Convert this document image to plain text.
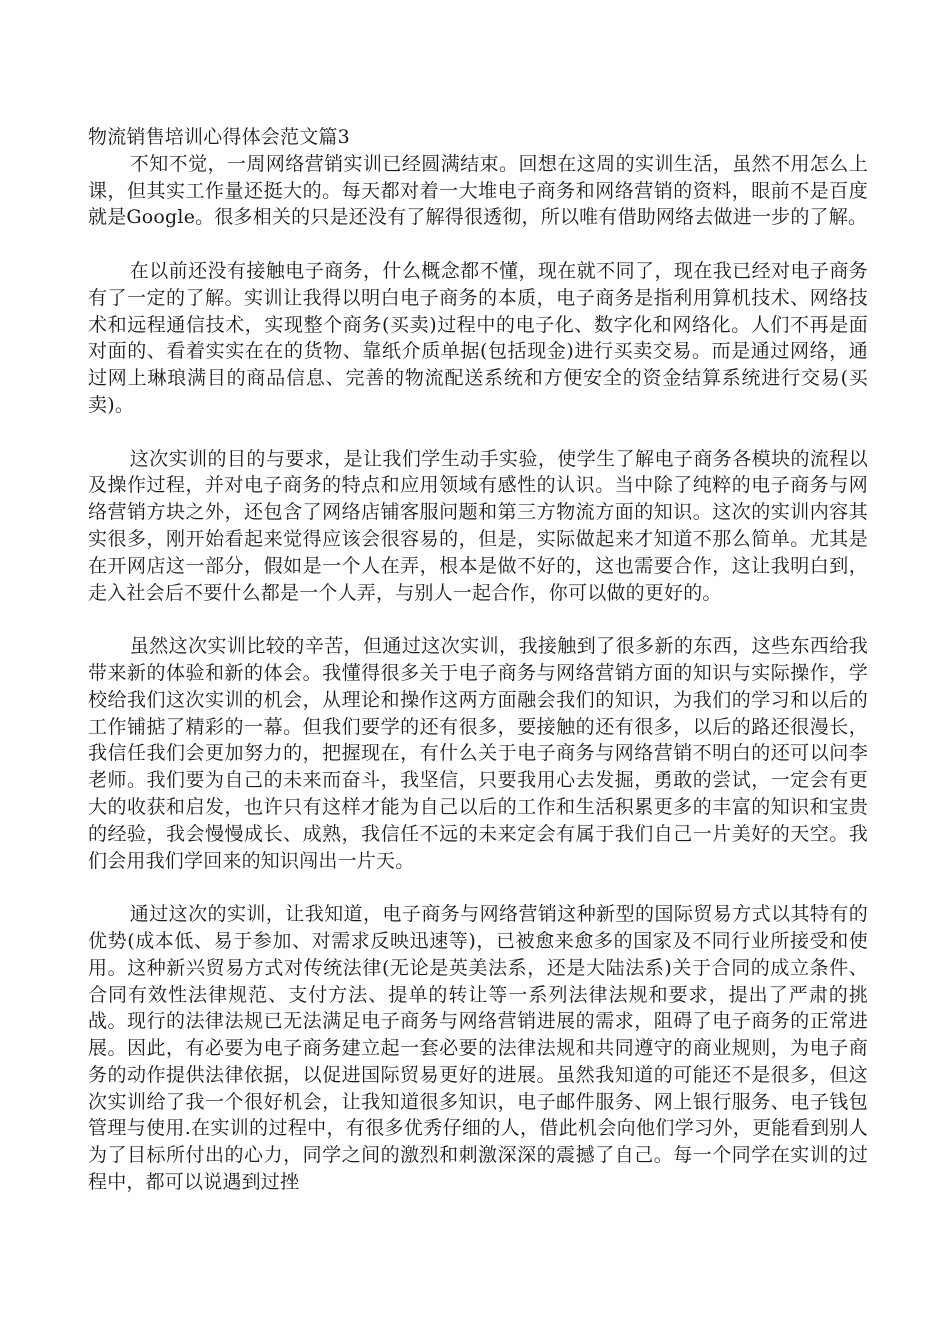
物流销售培训心得体会范文篇3

不知不觉，一周网络营销实训已经圆满结束。回想在这周的实训生活，虽然不用怎么上课，但其实工作量还挺大的。每天都对着一大堆电子商务和网络营销的资料，眼前不是百度就是Google。很多相关的只是还没有了解得很透彻，所以唯有借助网络去做进一步的了解。

在以前还没有接触电子商务，什么概念都不懂，现在就不同了，现在我已经对电子商务有了一定的了解。实训让我得以明白电子商务的本质，电子商务是指利用算机技术、网络技术和远程通信技术，实现整个商务(买卖)过程中的电子化、数字化和网络化。人们不再是面对面的、看着实实在在的货物、靠纸介质单据(包括现金)进行买卖交易。而是通过网络，通过网上琳琅满目的商品信息、完善的物流配送系统和方便安全的资金结算系统进行交易(买卖)。

这次实训的目的与要求，是让我们学生动手实验，使学生了解电子商务各模块的流程以及操作过程，并对电子商务的特点和应用领域有感性的认识。当中除了纯粹的电子商务与网络营销方块之外，还包含了网络店铺客服问题和第三方物流方面的知识。这次的实训内容其实很多，刚开始看起来觉得应该会很容易的，但是，实际做起来才知道不那么简单。尤其是在开网店这一部分，假如是一个人在弄，根本是做不好的，这也需要合作，这让我明白到，走入社会后不要什么都是一个人弄，与别人一起合作，你可以做的更好的。

虽然这次实训比较的辛苦，但通过这次实训，我接触到了很多新的东西，这些东西给我带来新的体验和新的体会。我懂得很多关于电子商务与网络营销方面的知识与实际操作，学校给我们这次实训的机会，从理论和操作这两方面融会我们的知识，为我们的学习和以后的工作铺掂了精彩的一幕。但我们要学的还有很多，要接触的还有很多，以后的路还很漫长，我信任我们会更加努力的，把握现在，有什么关于电子商务与网络营销不明白的还可以问李老师。我们要为自己的未来而奋斗，我坚信，只要我用心去发掘，勇敢的尝试，一定会有更大的收获和启发，也许只有这样才能为自己以后的工作和生活积累更多的丰富的知识和宝贵的经验，我会慢慢成长、成熟，我信任不远的未来定会有属于我们自己一片美好的天空。我们会用我们学回来的知识闯出一片天。

通过这次的实训，让我知道，电子商务与网络营销这种新型的国际贸易方式以其特有的优势(成本低、易于参加、对需求反映迅速等)，已被愈来愈多的国家及不同行业所接受和使用。这种新兴贸易方式对传统法律(无论是英美法系，还是大陆法系)关于合同的成立条件、合同有效性法律规范、支付方法、提单的转让等一系列法律法规和要求，提出了严肃的挑战。现行的法律法规已无法满足电子商务与网络营销进展的需求，阻碍了电子商务的正常进展。因此，有必要为电子商务建立起一套必要的法律法规和共同遵守的商业规则，为电子商务的动作提供法律依据，以促进国际贸易更好的进展。虽然我知道的可能还不是很多，但这次实训给了我一个很好机会，让我知道很多知识，电子邮件服务、网上银行服务、电子钱包管理与使用.在实训的过程中，有很多优秀仔细的人，借此机会向他们学习外，更能看到别人为了目标所付出的心力，同学之间的激烈和刺激深深的震撼了自己。每一个同学在实训的过程中，都可以说遇到过挫
